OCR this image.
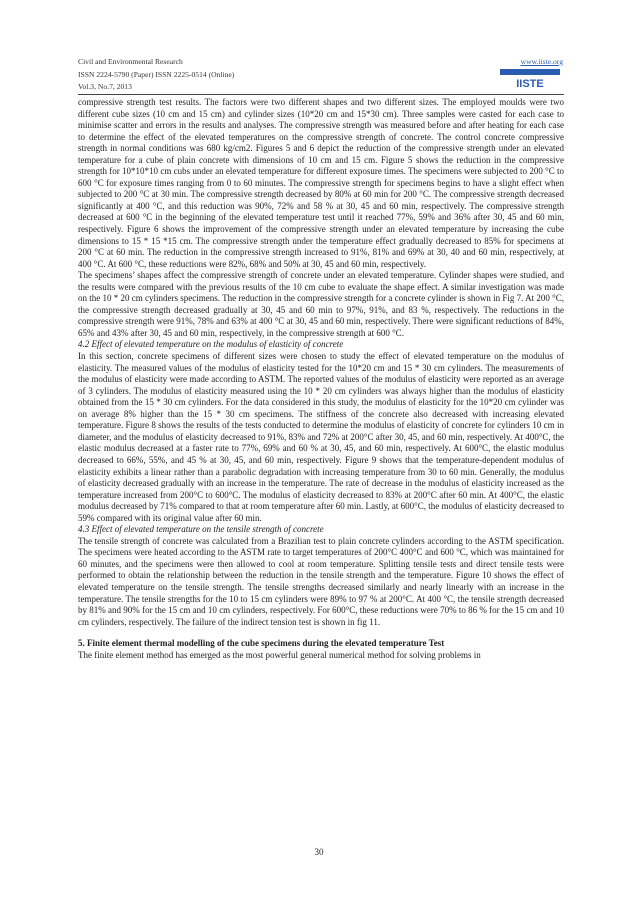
Civil and Environmental Research
ISSN 2224-5790 (Paper) ISSN 2225-0514 (Online)
Vol.3, No.7, 2013
www.iiste.org
IISTE

compressive strength test results. The factors were two different shapes and two different sizes. The employed moulds were two different cube sizes (10 cm and 15 cm) and cylinder sizes (10*20 cm and 15*30 cm). Three samples were casted for each case to minimise scatter and errors in the results and analyses. The compressive strength was measured before and after heating for each case to determine the effect of the elevated temperatures on the compressive strength of concrete. The control concrete compressive strength in normal conditions was 680 kg/cm2. Figures 5 and 6 depict the reduction of the compressive strength under an elevated temperature for a cube of plain concrete with dimensions of 10 cm and 15 cm. Figure 5 shows the reduction in the compressive strength for 10*10*10 cm cubs under an elevated temperature for different exposure times. The specimens were subjected to 200 °C to 600 °C for exposure times ranging from 0 to 60 minutes. The compressive strength for specimens begins to have a slight effect when subjected to 200 °C at 30 min. The compressive strength decreased by 80% at 60 min for 200 °C. The compressive strength decreased significantly at 400 °C, and this reduction was 90%, 72% and 58 % at 30, 45 and 60 min, respectively. The compressive strength decreased at 600 °C in the beginning of the elevated temperature test until it reached 77%, 59% and 36% after 30, 45 and 60 min, respectively. Figure 6 shows the improvement of the compressive strength under an elevated temperature by increasing the cube dimensions to 15 * 15 *15 cm. The compressive strength under the temperature effect gradually decreased to 85% for specimens at 200 °C at 60 min. The reduction in the compressive strength increased to 91%, 81% and 69% at 30, 40 and 60 min, respectively, at 400 °C. At 600 °C, these reductions were 82%, 68% and 50% at 30, 45 and 60 min, respectively.

The specimens’ shapes affect the compressive strength of concrete under an elevated temperature. Cylinder shapes were studied, and the results were compared with the previous results of the 10 cm cube to evaluate the shape effect. A similar investigation was made on the 10 * 20 cm cylinders specimens. The reduction in the compressive strength for a concrete cylinder is shown in Fig 7. At 200 °C, the compressive strength decreased gradually at 30, 45 and 60 min to 97%, 91%, and 83 %, respectively. The reductions in the compressive strength were 91%, 78% and 63% at 400 °C at 30, 45 and 60 min, respectively. There were significant reductions of 84%, 65% and 43% after 30, 45 and 60 min, respectively, in the compressive strength at 600 °C.

4.2 Effect of elevated temperature on the modulus of elasticity of concrete

In this section, concrete specimens of different sizes were chosen to study the effect of elevated temperature on the modulus of elasticity. The measured values of the modulus of elasticity tested for the 10*20 cm and 15 * 30 cm cylinders. The measurements of the modulus of elasticity were made according to ASTM. The reported values of the modulus of elasticity were reported as an average of 3 cylinders. The modulus of elasticity measured using the 10 * 20 cm cylinders was always higher than the modulus of elasticity obtained from the 15 * 30 cm cylinders. For the data considered in this study, the modulus of elasticity for the 10*20 cm cylinder was on average 8% higher than the 15 * 30 cm specimens. The stiffness of the concrete also decreased with increasing elevated temperature. Figure 8 shows the results of the tests conducted to determine the modulus of elasticity of concrete for cylinders 10 cm in diameter, and the modulus of elasticity decreased to 91%, 83% and 72% at 200°C after 30, 45, and 60 min, respectively. At 400°C, the elastic modulus decreased at a faster rate to 77%, 69% and 60 % at 30, 45, and 60 min, respectively. At 600°C, the elastic modulus decreased to 66%, 55%, and 45 % at 30, 45, and 60 min, respectively. Figure 9 shows that the temperature-dependent modulus of elasticity exhibits a linear rather than a parabolic degradation with increasing temperature from 30 to 60 min. Generally, the modulus of elasticity decreased gradually with an increase in the temperature. The rate of decrease in the modulus of elasticity increased as the temperature increased from 200°C to 600°C. The modulus of elasticity decreased to 83% at 200°C after 60 min. At 400°C, the elastic modulus decreased by 71% compared to that at room temperature after 60 min. Lastly, at 600°C, the modulus of elasticity decreased to 59% compared with its original value after 60 min.

4.3 Effect of elevated temperature on the tensile strength of concrete

The tensile strength of concrete was calculated from a Brazilian test to plain concrete cylinders according to the ASTM specification. The specimens were heated according to the ASTM rate to target temperatures of 200°C 400°C and 600 °C, which was maintained for 60 minutes, and the specimens were then allowed to cool at room temperature. Splitting tensile tests and direct tensile tests were performed to obtain the relationship between the reduction in the tensile strength and the temperature. Figure 10 shows the effect of elevated temperature on the tensile strength. The tensile strengths decreased similarly and nearly linearly with an increase in the temperature. The tensile strengths for the 10 to 15 cm cylinders were 89% to 97 % at 200°C. At 400 °C, the tensile strength decreased by 81% and 90% for the 15 cm and 10 cm cylinders, respectively. For 600°C, these reductions were 70% to 86 % for the 15 cm and 10 cm cylinders, respectively. The failure of the indirect tension test is shown in fig 11.

5. Finite element thermal modelling of the cube specimens during the elevated temperature Test

The finite element method has emerged as the most powerful general numerical method for solving problems in

30
